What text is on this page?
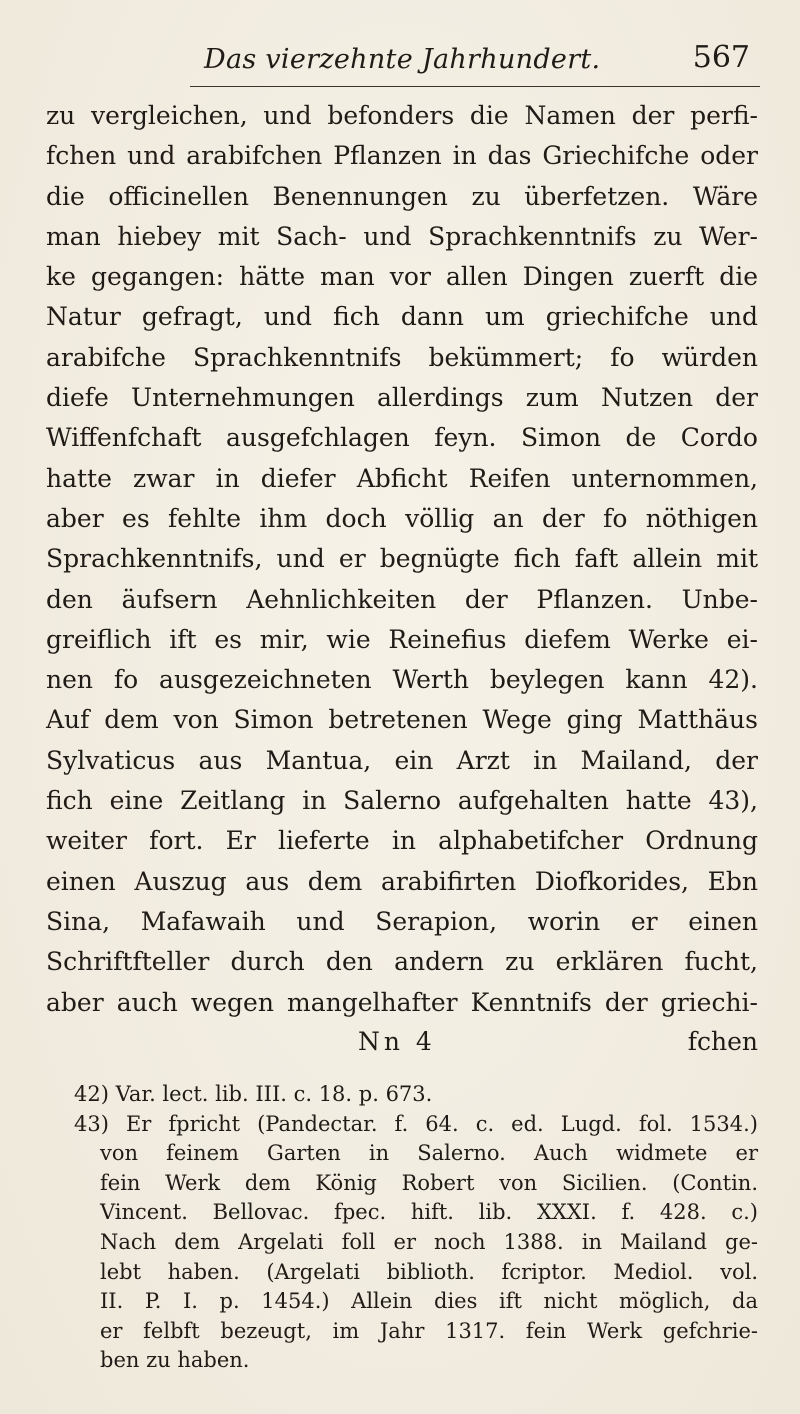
Das vierzehnte Jahrhundert.	567
zu vergleichen, und befonders die Namen der perfi-
fchen und arabifchen Pflanzen in das Griechifche oder
die officinellen Benennungen zu überfetzen. Wäre
man hiebey mit Sach- und Sprachkenntnifs zu Wer-
ke gegangen: hätte man vor allen Dingen zuerft die
Natur gefragt, und fich dann um griechifche und
arabifche Sprachkenntnifs bekümmert; fo würden
diefe Unternehmungen allerdings zum Nutzen der
Wiffenfchaft ausgefchlagen feyn. Simon de Cordo
hatte zwar in diefer Abficht Reifen unternommen,
aber es fehlte ihm doch völlig an der fo nöthigen
Sprachkenntnifs, und er begnügte fich faft allein mit
den äufsern Aehnlichkeiten der Pflanzen. Unbe-
greiflich ift es mir, wie Reinefius diefem Werke ei-
nen fo ausgezeichneten Werth beylegen kann 42).
Auf dem von Simon betretenen Wege ging Matthäus
Sylvaticus aus Mantua, ein Arzt in Mailand, der
fich eine Zeitlang in Salerno aufgehalten hatte 43),
weiter fort. Er lieferte in alphabetifcher Ordnung
einen Auszug aus dem arabifirten Diofkorides, Ebn
Sina, Mafawaih und Serapion, worin er einen
Schriftfteller durch den andern zu erklären fucht,
aber auch wegen mangelhafter Kenntnifs der griechi-
Nn 4	fchen
42) Var. lect. lib. III. c. 18. p. 673.
43) Er fpricht (Pandectar. f. 64. c. ed. Lugd. fol. 1534.)
von feinem Garten in Salerno. Auch widmete er
fein Werk dem König Robert von Sicilien. (Contin.
Vincent. Bellovac. fpec. hift. lib. XXXI. f. 428. c.)
Nach dem Argelati foll er noch 1388. in Mailand ge-
lebt haben. (Argelati biblioth. fcriptor. Mediol. vol.
II. P. I. p. 1454.) Allein dies ift nicht möglich, da
er felbft bezeugt, im Jahr 1317. fein Werk gefchrie-
ben zu haben.
